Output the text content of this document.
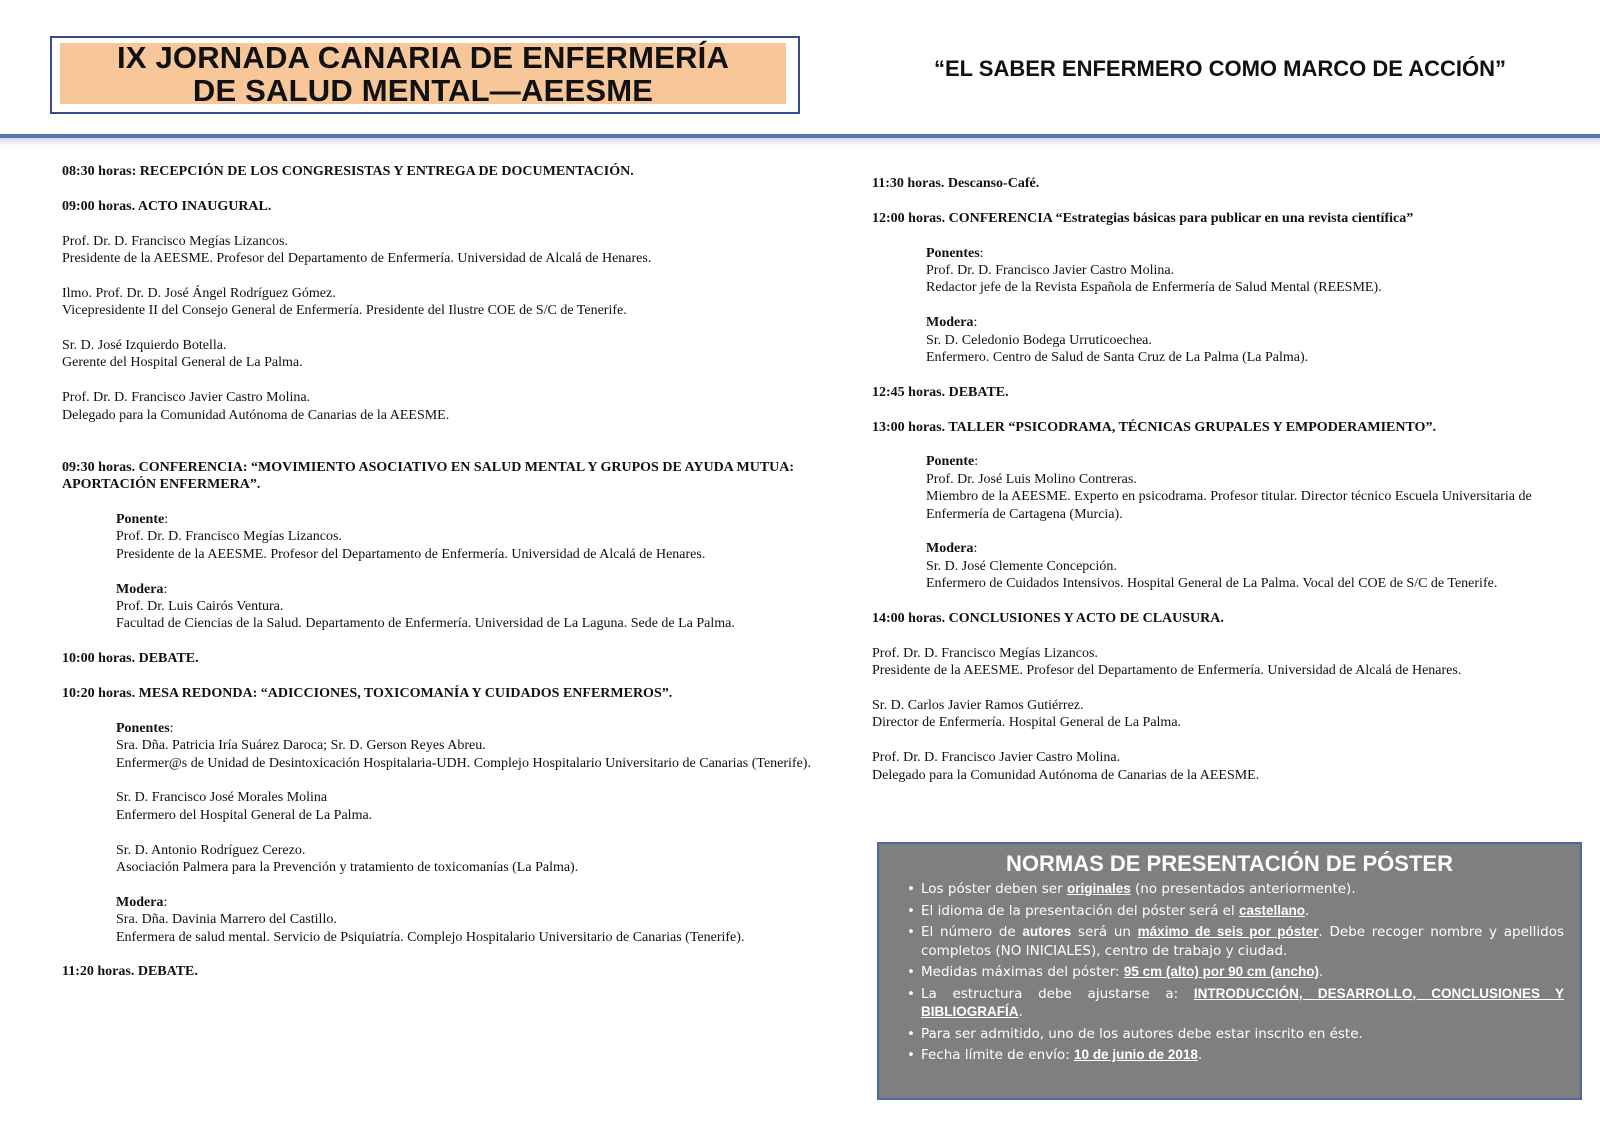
IX JORNADA CANARIA DE ENFERMERÍA
DE SALUD MENTAL—AEESME
“EL SABER ENFERMERO COMO MARCO DE ACCIÓN”

08:30 horas: RECEPCIÓN DE LOS CONGRESISTAS Y ENTREGA DE DOCUMENTACIÓN.

09:00 horas. ACTO INAUGURAL.

Prof. Dr. D. Francisco Megías Lizancos.

Presidente de la AEESME. Profesor del Departamento de Enfermería. Universidad de Alcalá de Henares.

Ilmo. Prof. Dr. D. José Ángel Rodríguez Gómez.

Vicepresidente II del Consejo General de Enfermería. Presidente del Ilustre COE de S/C de Tenerife.

Sr. D. José Izquierdo Botella.

Gerente del Hospital General de La Palma.

Prof. Dr. D. Francisco Javier Castro Molina.

Delegado para la Comunidad Autónoma de Canarias de la AEESME.

09:30 horas. CONFERENCIA: “MOVIMIENTO ASOCIATIVO EN SALUD MENTAL Y GRUPOS DE AYUDA MUTUA: APORTACIÓN ENFERMERA”.

Ponente:

Prof. Dr. D. Francisco Megías Lizancos.

Presidente de la AEESME. Profesor del Departamento de Enfermería. Universidad de Alcalá de Henares.

Modera:

Prof. Dr. Luis Cairós Ventura.

Facultad de Ciencias de la Salud. Departamento de Enfermería. Universidad de La Laguna. Sede de La Palma.

10:00 horas. DEBATE.

10:20 horas. MESA REDONDA: “ADICCIONES, TOXICOMANÍA Y CUIDADOS ENFERMEROS”.

Ponentes:

Sra. Dña. Patricia Iría Suárez Daroca; Sr. D. Gerson Reyes Abreu.

Enfermer@s de Unidad de Desintoxicación Hospitalaria-UDH. Complejo Hospitalario Universitario de Canarias (Tenerife).

Sr. D. Francisco José Morales Molina

Enfermero del Hospital General de La Palma.

Sr. D. Antonio Rodríguez Cerezo.

Asociación Palmera para la Prevención y tratamiento de toxicomanías (La Palma).

Modera:

Sra. Dña. Davinia Marrero del Castillo.

Enfermera de salud mental. Servicio de Psiquiatría. Complejo Hospitalario Universitario de Canarias (Tenerife).

11:20 horas. DEBATE.

11:30 horas. Descanso-Café.

12:00 horas. CONFERENCIA “Estrategias básicas para publicar en una revista científica”

Ponentes:

Prof. Dr. D. Francisco Javier Castro Molina.

Redactor jefe de la Revista Española de Enfermería de Salud Mental (REESME).

Modera:

Sr. D. Celedonio Bodega Urruticoechea.

Enfermero. Centro de Salud de Santa Cruz de La Palma (La Palma).

12:45 horas. DEBATE.

13:00 horas. TALLER “PSICODRAMA, TÉCNICAS GRUPALES Y EMPODERAMIENTO”.

Ponente:

Prof. Dr. José Luis Molino Contreras.

Miembro de la AEESME. Experto en psicodrama. Profesor titular. Director técnico Escuela Universitaria de Enfermería de Cartagena (Murcia).

Modera:

Sr. D. José Clemente Concepción.

Enfermero de Cuidados Intensivos. Hospital General de La Palma. Vocal del COE de S/C de Tenerife.

14:00 horas. CONCLUSIONES Y ACTO DE CLAUSURA.

Prof. Dr. D. Francisco Megías Lizancos.

Presidente de la AEESME. Profesor del Departamento de Enfermería. Universidad de Alcalá de Henares.

Sr. D. Carlos Javier Ramos Gutiérrez.

Director de Enfermería. Hospital General de La Palma.

Prof. Dr. D. Francisco Javier Castro Molina.

Delegado para la Comunidad Autónoma de Canarias de la AEESME.

NORMAS DE PRESENTACIÓN DE PÓSTER
• Los póster deben ser originales (no presentados anteriormente).
• El idioma de la presentación del póster será el castellano.
• El número de autores será un máximo de seis por póster. Debe recoger nombre y apellidos completos (NO INICIALES), centro de trabajo y ciudad.
• Medidas máximas del póster: 95 cm (alto) por 90 cm (ancho).
• La estructura debe ajustarse a: INTRODUCCIÓN, DESARROLLO, CONCLUSIONES Y BIBLIOGRAFÍA.
• Para ser admitido, uno de los autores debe estar inscrito en éste.
• Fecha límite de envío: 10 de junio de 2018.
